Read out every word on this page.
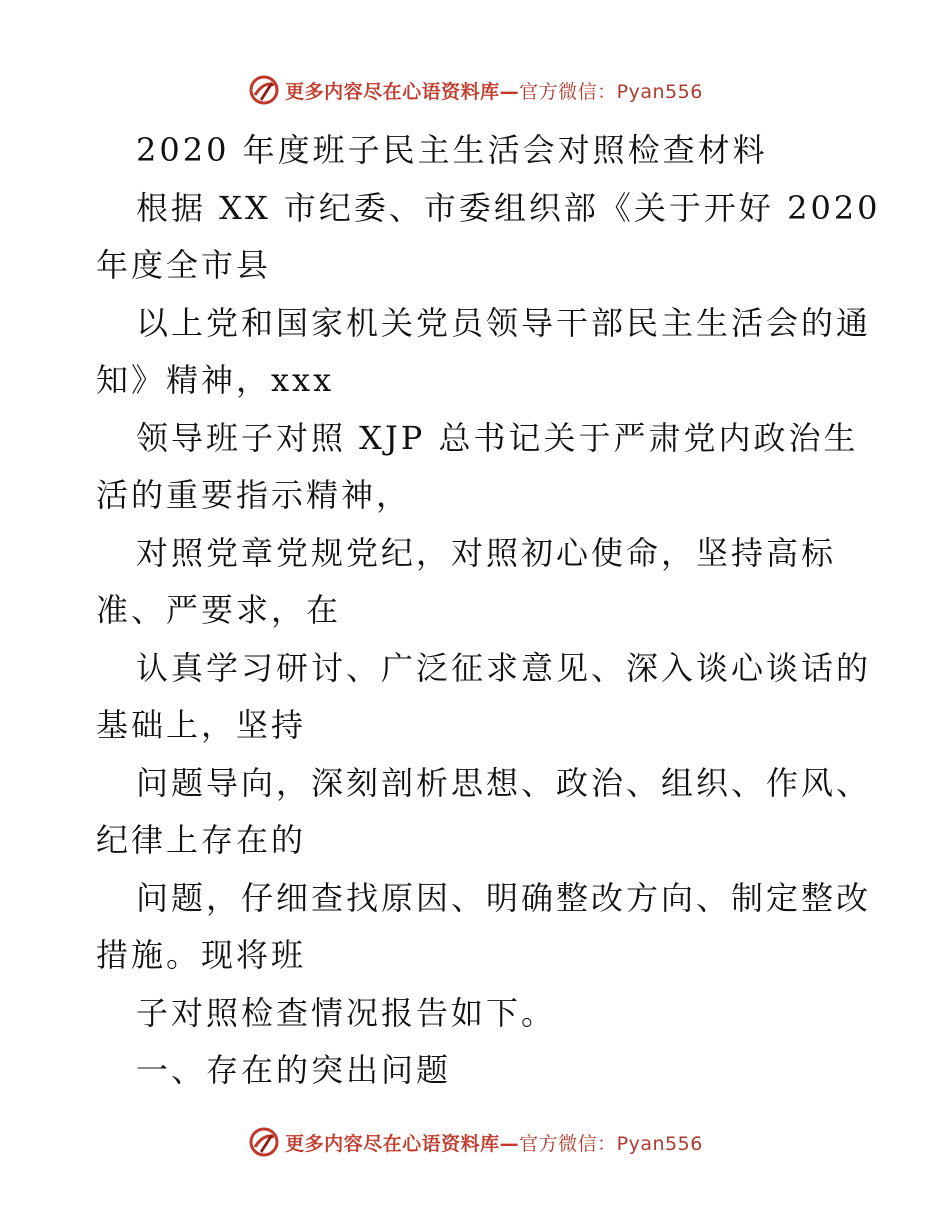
更多内容尽在心语资料库—官方微信：Pyan556
2020 年度班子民主生活会对照检查材料
根据 XX 市纪委、市委组织部《关于开好 2020
年度全市县
以上党和国家机关党员领导干部民主生活会的通
知》精神，xxx
领导班子对照 XJP 总书记关于严肃党内政治生
活的重要指示精神，
对照党章党规党纪，对照初心使命，坚持高标
准、严要求，在
认真学习研讨、广泛征求意见、深入谈心谈话的
基础上，坚持
问题导向，深刻剖析思想、政治、组织、作风、
纪律上存在的
问题，仔细查找原因、明确整改方向、制定整改
措施。现将班
子对照检查情况报告如下。
一、存在的突出问题
更多内容尽在心语资料库—官方微信：Pyan556
